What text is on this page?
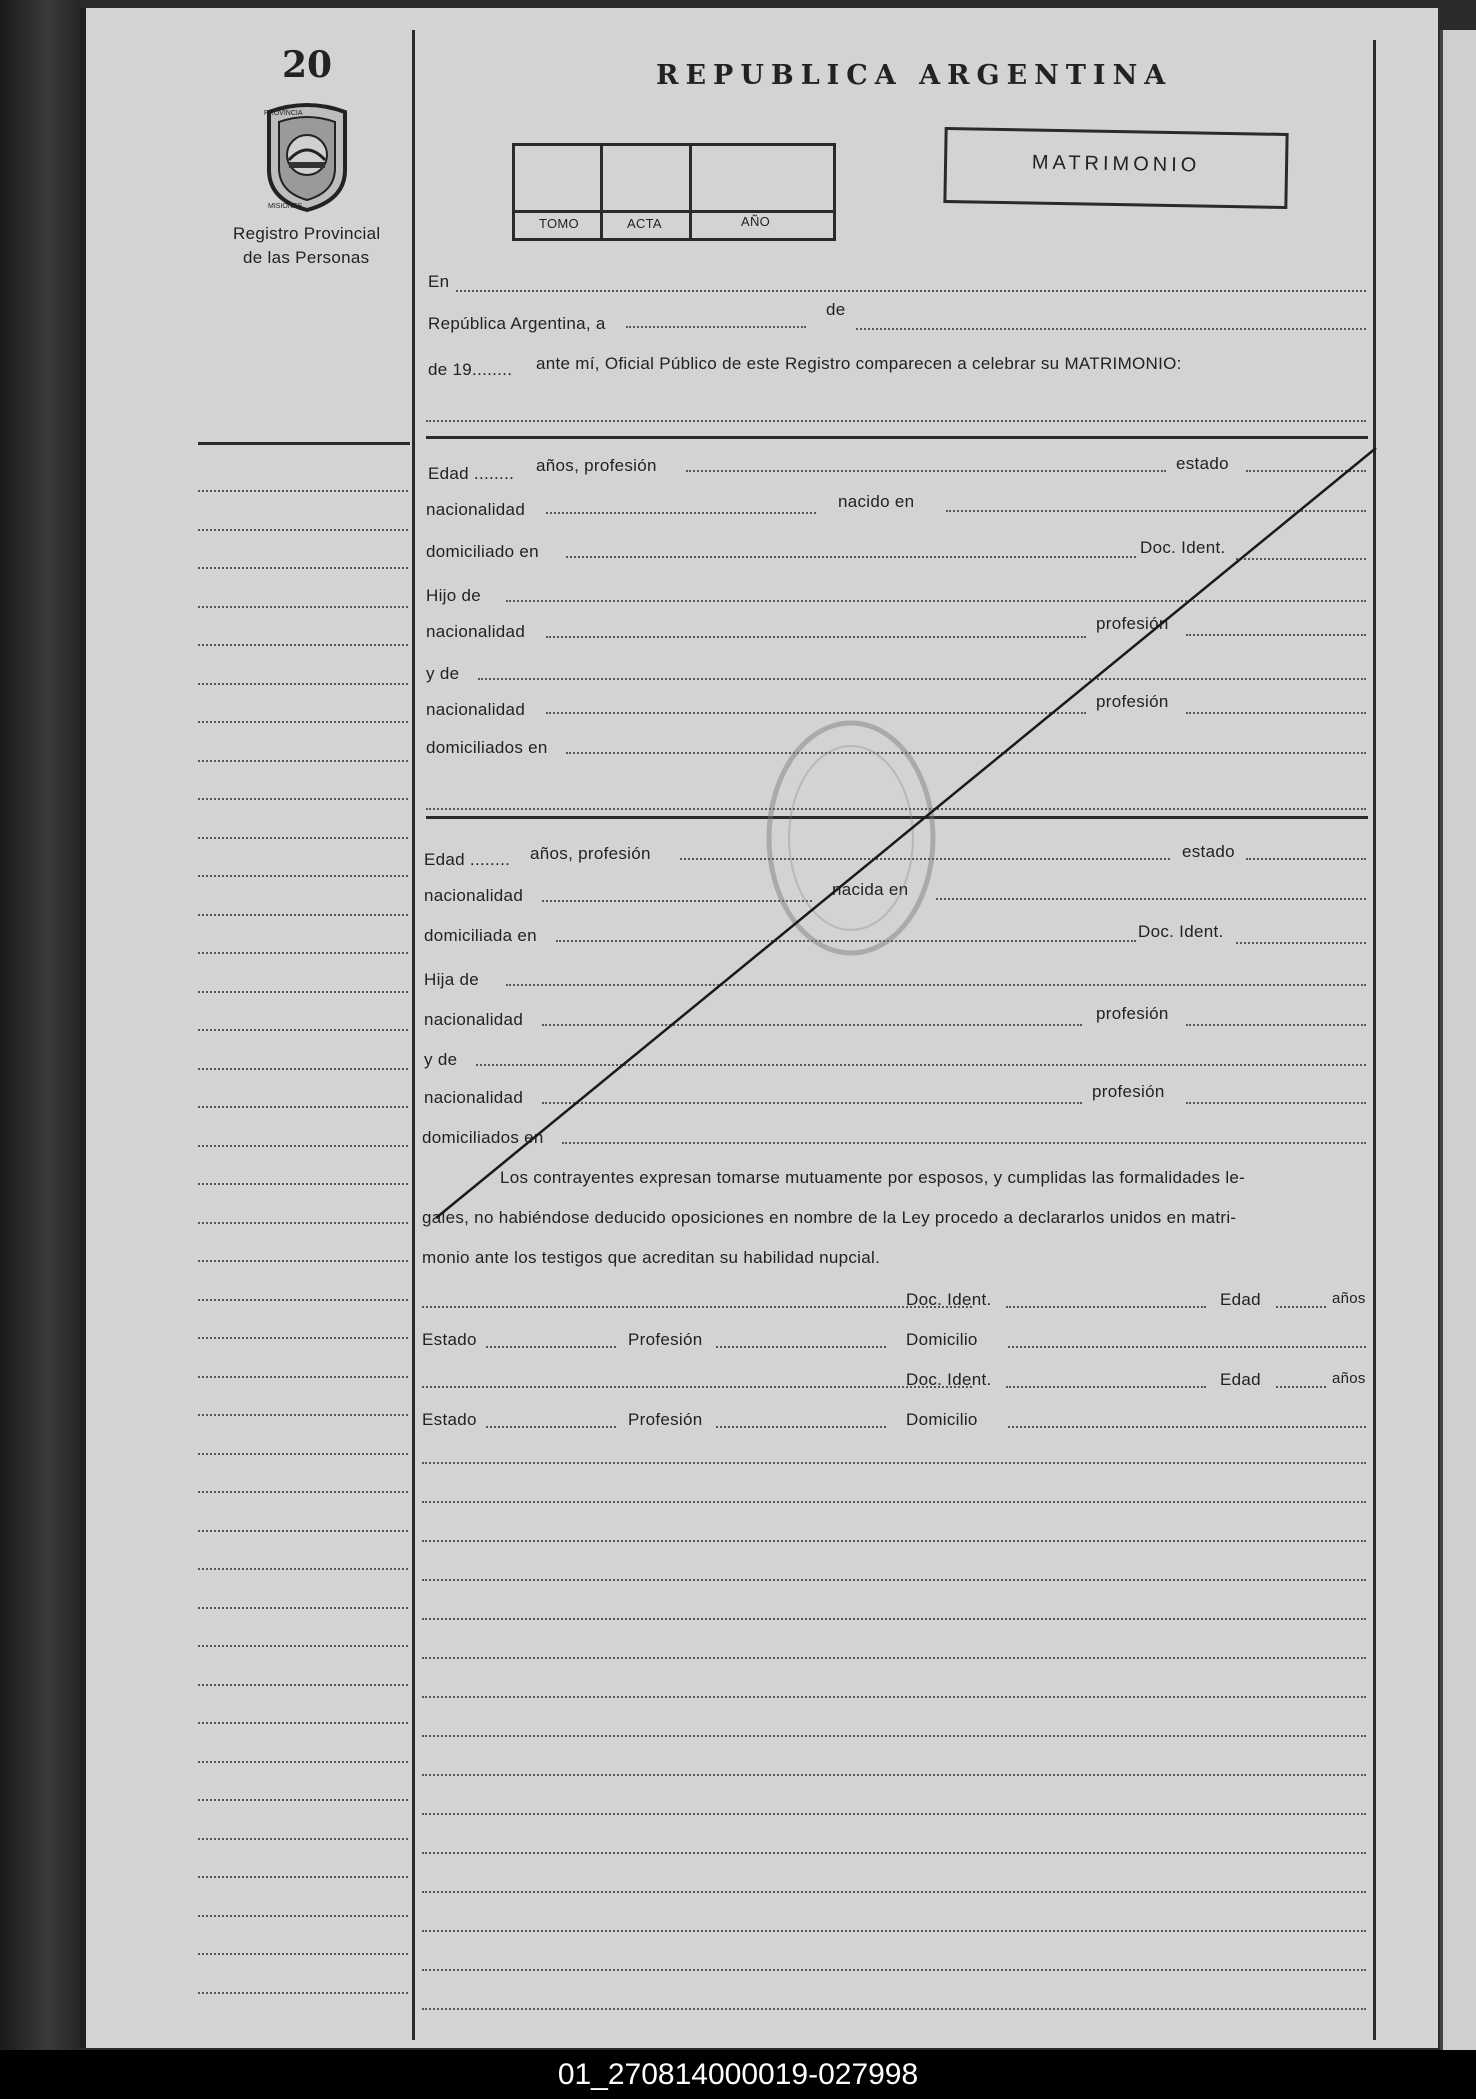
20
PROVINCIA
MISIONES
Registro Provincial
de las Personas
REPUBLICA ARGENTINA
TOMO	ACTA	AÑO
MATRIMONIO
En
República Argentina, a
de
de 19........ ante mí, Oficial Público de este Registro comparecen a celebrar su MATRIMONIO:
Edad ........ años, profesión	estado
nacionalidad	nacido en
domiciliado en	Doc. Ident.
Hijo de
nacionalidad	profesión
y de
nacionalidad	profesión
domiciliados en
Edad ........ años, profesión	estado
nacionalidad	nacida en
domiciliada en	Doc. Ident.
Hija de
nacionalidad	profesión
y de
nacionalidad	profesión
domiciliados en
Los contrayentes expresan tomarse mutuamente por esposos, y cumplidas las formalidades le-
gales, no habiéndose deducido oposiciones en nombre de la Ley procedo a declararlos unidos en matri-
monio ante los testigos que acreditan su habilidad nupcial.
Doc. Ident.	Edad	años
Estado	Profesión	Domicilio
Doc. Ident.	Edad	años
Estado	Profesión	Domicilio
01_270814000019-027998
